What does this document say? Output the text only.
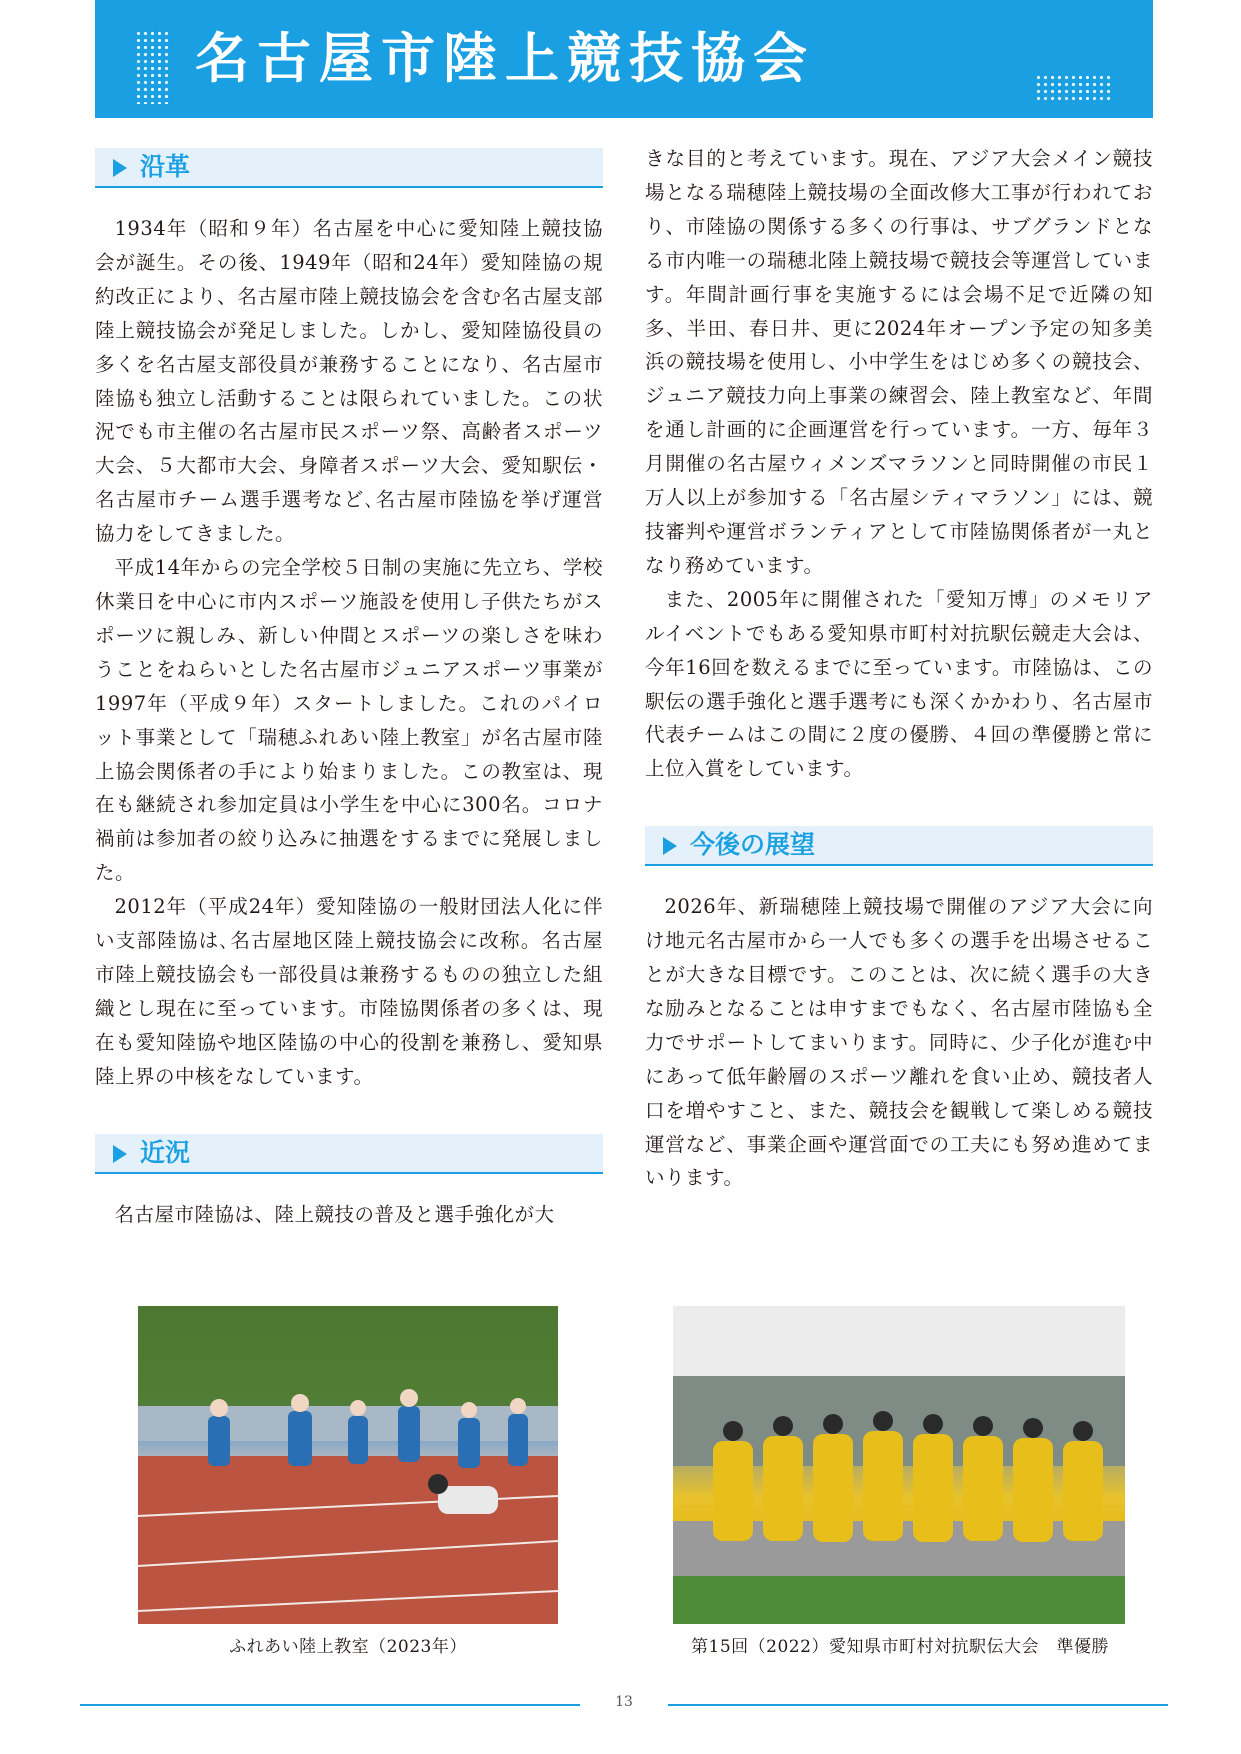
名古屋市陸上競技協会
沿革

1934年（昭和９年）名古屋を中心に愛知陸上競技協会が誕生。その後、1949年（昭和24年）愛知陸協の規約改正により、名古屋市陸上競技協会を含む名古屋支部陸上競技協会が発足しました。しかし、愛知陸協役員の多くを名古屋支部役員が兼務することになり、名古屋市陸協も独立し活動することは限られていました。この状況でも市主催の名古屋市民スポーツ祭、高齢者スポーツ大会、５大都市大会、身障者スポーツ大会、愛知駅伝・名古屋市チーム選手選考など､名古屋市陸協を挙げ運営協力をしてきました。

平成14年からの完全学校５日制の実施に先立ち、学校休業日を中心に市内スポーツ施設を使用し子供たちがスポーツに親しみ、新しい仲間とスポーツの楽しさを味わうことをねらいとした名古屋市ジュニアスポーツ事業が1997年（平成９年）スタートしました。これのパイロット事業として「瑞穂ふれあい陸上教室」が名古屋市陸上協会関係者の手により始まりました。この教室は、現在も継続され参加定員は小学生を中心に300名。コロナ禍前は参加者の絞り込みに抽選をするまでに発展しました。

2012年（平成24年）愛知陸協の一般財団法人化に伴い支部陸協は､名古屋地区陸上競技協会に改称。名古屋市陸上競技協会も一部役員は兼務するものの独立した組織とし現在に至っています。市陸協関係者の多くは、現在も愛知陸協や地区陸協の中心的役割を兼務し、愛知県陸上界の中核をなしています。

近況

名古屋市陸協は、陸上競技の普及と選手強化が大

きな目的と考えています。現在、アジア大会メイン競技場となる瑞穂陸上競技場の全面改修大工事が行われており、市陸協の関係する多くの行事は、サブグランドとなる市内唯一の瑞穂北陸上競技場で競技会等運営しています。年間計画行事を実施するには会場不足で近隣の知多、半田、春日井、更に2024年オープン予定の知多美浜の競技場を使用し、小中学生をはじめ多くの競技会、ジュニア競技力向上事業の練習会、陸上教室など、年間を通し計画的に企画運営を行っています。一方、毎年３月開催の名古屋ウィメンズマラソンと同時開催の市民１万人以上が参加する「名古屋シティマラソン」には、競技審判や運営ボランティアとして市陸協関係者が一丸となり務めています。

また、2005年に開催された「愛知万博」のメモリアルイベントでもある愛知県市町村対抗駅伝競走大会は、今年16回を数えるまでに至っています。市陸協は、この駅伝の選手強化と選手選考にも深くかかわり、名古屋市代表チームはこの間に２度の優勝、４回の準優勝と常に上位入賞をしています。

今後の展望

2026年、新瑞穂陸上競技場で開催のアジア大会に向け地元名古屋市から一人でも多くの選手を出場させることが大きな目標です。このことは、次に続く選手の大きな励みとなることは申すまでもなく、名古屋市陸協も全力でサポートしてまいります。同時に、少子化が進む中にあって低年齢層のスポーツ離れを食い止め、競技者人口を増やすこと、また、競技会を観戦して楽しめる競技運営など、事業企画や運営面での工夫にも努め進めてまいります。

ふれあい陸上教室（2023年）	第15回（2022）愛知県市町村対抗駅伝大会　準優勝
13
